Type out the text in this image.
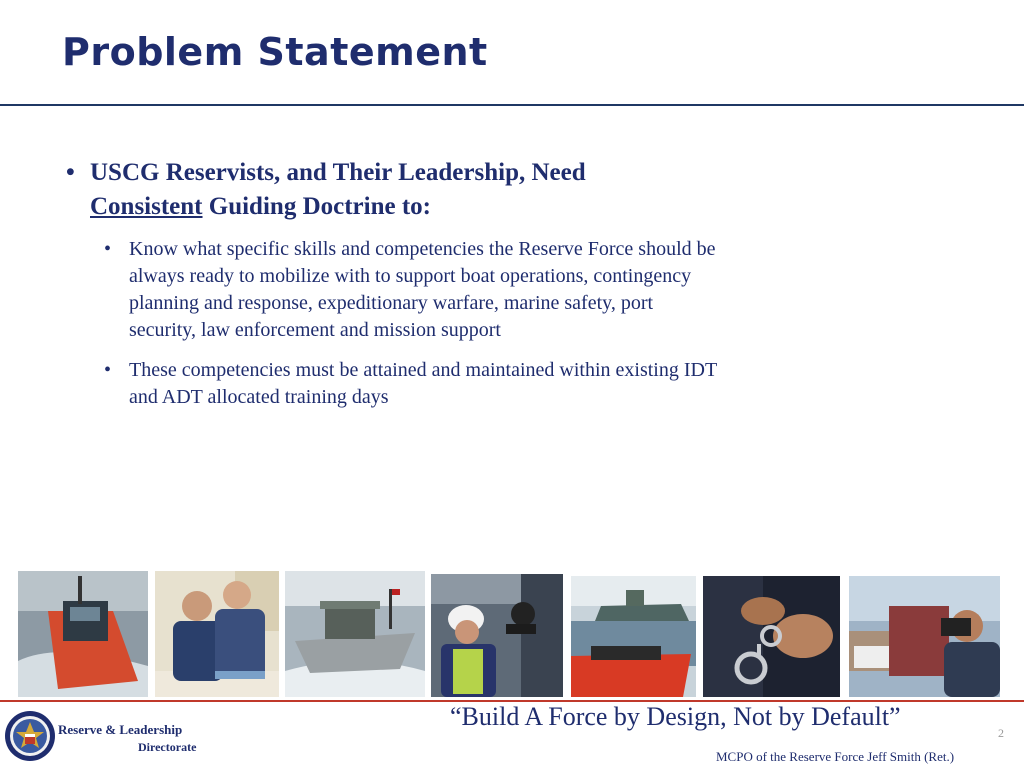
Problem Statement
• USCG Reservists, and Their Leadership, Need
Consistent Guiding Doctrine to:
• Know what specific skills and competencies the Reserve Force should be always ready to mobilize with to support boat operations, contingency planning and response, expeditionary warfare, marine safety, port security, law enforcement and mission support
• These competencies must be attained and maintained within existing IDT and ADT allocated training days
Reserve & Leadership
Directorate
“Build A Force by Design, Not by Default”
2
MCPO of the Reserve Force Jeff Smith (Ret.)
